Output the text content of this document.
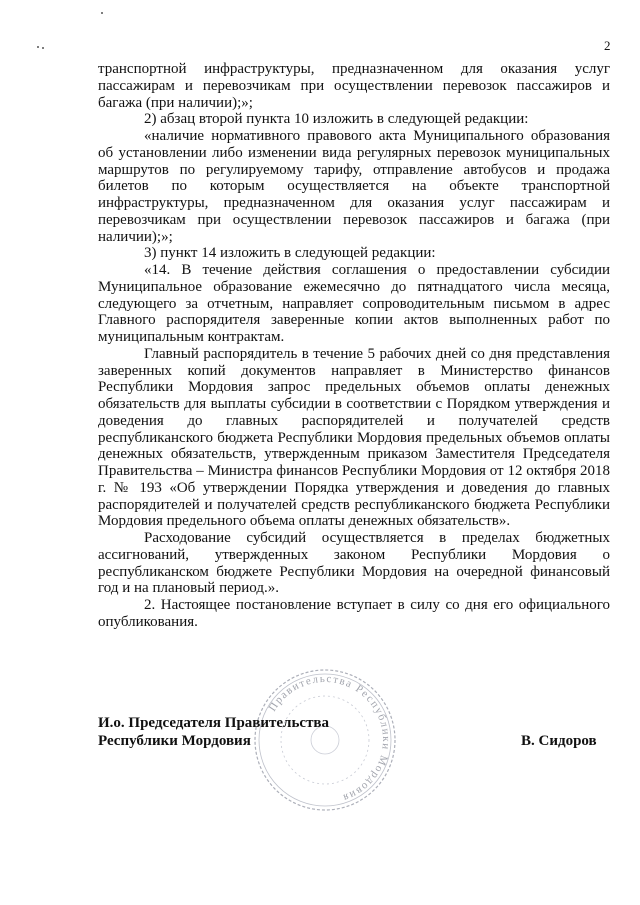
2

транспортной инфраструктуры, предназначенном для оказания услуг пассажирам и перевозчикам при осуществлении перевозок пассажиров и багажа (при наличии);»;

2) абзац второй пункта 10 изложить в следующей редакции:

«наличие нормативного правового акта Муниципального образования об установлении либо изменении вида регулярных перевозок муниципальных маршрутов по регулируемому тарифу, отправление автобусов и продажа билетов по которым осуществляется на объекте транспортной инфраструктуры, предназначенном для оказания услуг пассажирам и перевозчикам при осуществлении перевозок пассажиров и багажа (при наличии);»;

3) пункт 14 изложить в следующей редакции:

«14. В течение действия соглашения о предоставлении субсидии Муниципальное образование ежемесячно до пятнадцатого числа месяца, следующего за отчетным, направляет сопроводительным письмом в адрес Главного распорядителя заверенные копии актов выполненных работ по муниципальным контрактам.

Главный распорядитель в течение 5 рабочих дней со дня представления заверенных копий документов направляет в Министерство финансов Республики Мордовия запрос предельных объемов оплаты денежных обязательств для выплаты субсидии в соответствии с Порядком утверждения и доведения до главных распорядителей и получателей средств республиканского бюджета Республики Мордовия предельных объемов оплаты денежных обязательств, утвержденным приказом Заместителя Председателя Правительства – Министра финансов Республики Мордовия от 12 октября 2018 г. № 193 «Об утверждении Порядка утверждения и доведения до главных распорядителей и получателей средств республиканского бюджета Республики Мордовия предельного объема оплаты денежных обязательств».

Расходование субсидий осуществляется в пределах бюджетных ассигнований, утвержденных законом Республики Мордовия о республиканском бюджете Республики Мордовия на очередной финансовый год и на плановый период.».

2. Настоящее постановление вступает в силу со дня его официального опубликования.

Правительства Республики Мордовия
И.о. Председателя Правительства
Республики Мордовия	В. Сидоров
